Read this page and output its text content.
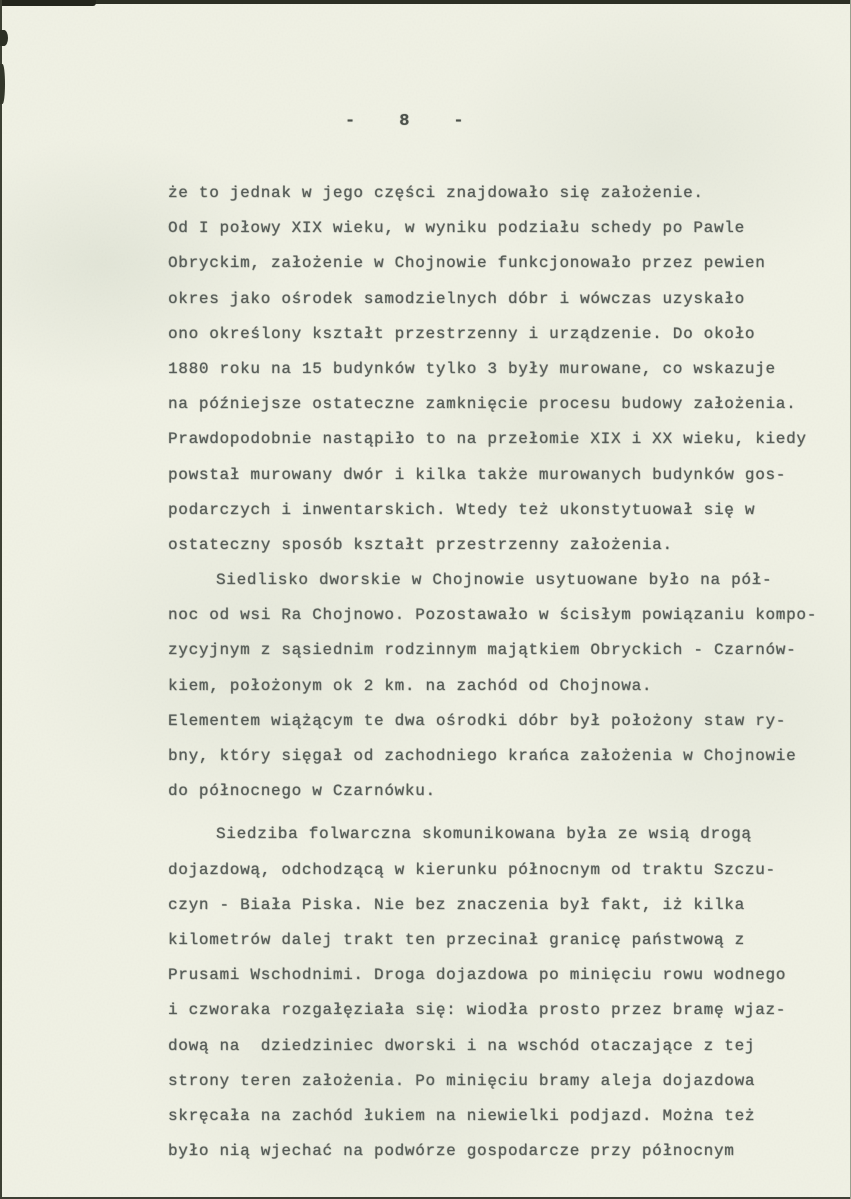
-	8	-
że to jednak w jego części znajdowało się założenie.
Od I połowy XIX wieku, w wyniku podziału schedy po Pawle
Obryckim, założenie w Chojnowie funkcjonowało przez pewien
okres jako ośrodek samodzielnych dóbr i wówczas uzyskało
ono określony kształt przestrzenny i urządzenie. Do około
1880 roku na 15 budynków tylko 3 były murowane, co wskazuje
na późniejsze ostateczne zamknięcie procesu budowy założenia.
Prawdopodobnie nastąpiło to na przełomie XIX i XX wieku, kiedy
powstał murowany dwór i kilka także murowanych budynków gos-
podarczych i inwentarskich. Wtedy też ukonstytuował się w
ostateczny sposób kształt przestrzenny założenia.
Siedlisko dworskie w Chojnowie usytuowane było na pół-
noc od wsi Ra Chojnowo. Pozostawało w ścisłym powiązaniu kompo-
zycyjnym z sąsiednim rodzinnym majątkiem Obryckich - Czarnów-
kiem, położonym ok 2 km. na zachód od Chojnowa.
Elementem wiążącym te dwa ośrodki dóbr był położony staw ry-
bny, który sięgał od zachodniego krańca założenia w Chojnowie
do północnego w Czarnówku.
Siedziba folwarczna skomunikowana była ze wsią drogą
dojazdową, odchodzącą w kierunku północnym od traktu Szczu-
czyn - Biała Piska. Nie bez znaczenia był fakt, iż kilka
kilometrów dalej trakt ten przecinał granicę państwową z
Prusami Wschodnimi. Droga dojazdowa po minięciu rowu wodnego
i czworaka rozgałęziała się: wiodła prosto przez bramę wjaz-
dową na  dziedziniec dworski i na wschód otaczające z tej
strony teren założenia. Po minięciu bramy aleja dojazdowa
skręcała na zachód łukiem na niewielki podjazd. Można też
było nią wjechać na podwórze gospodarcze przy północnym
